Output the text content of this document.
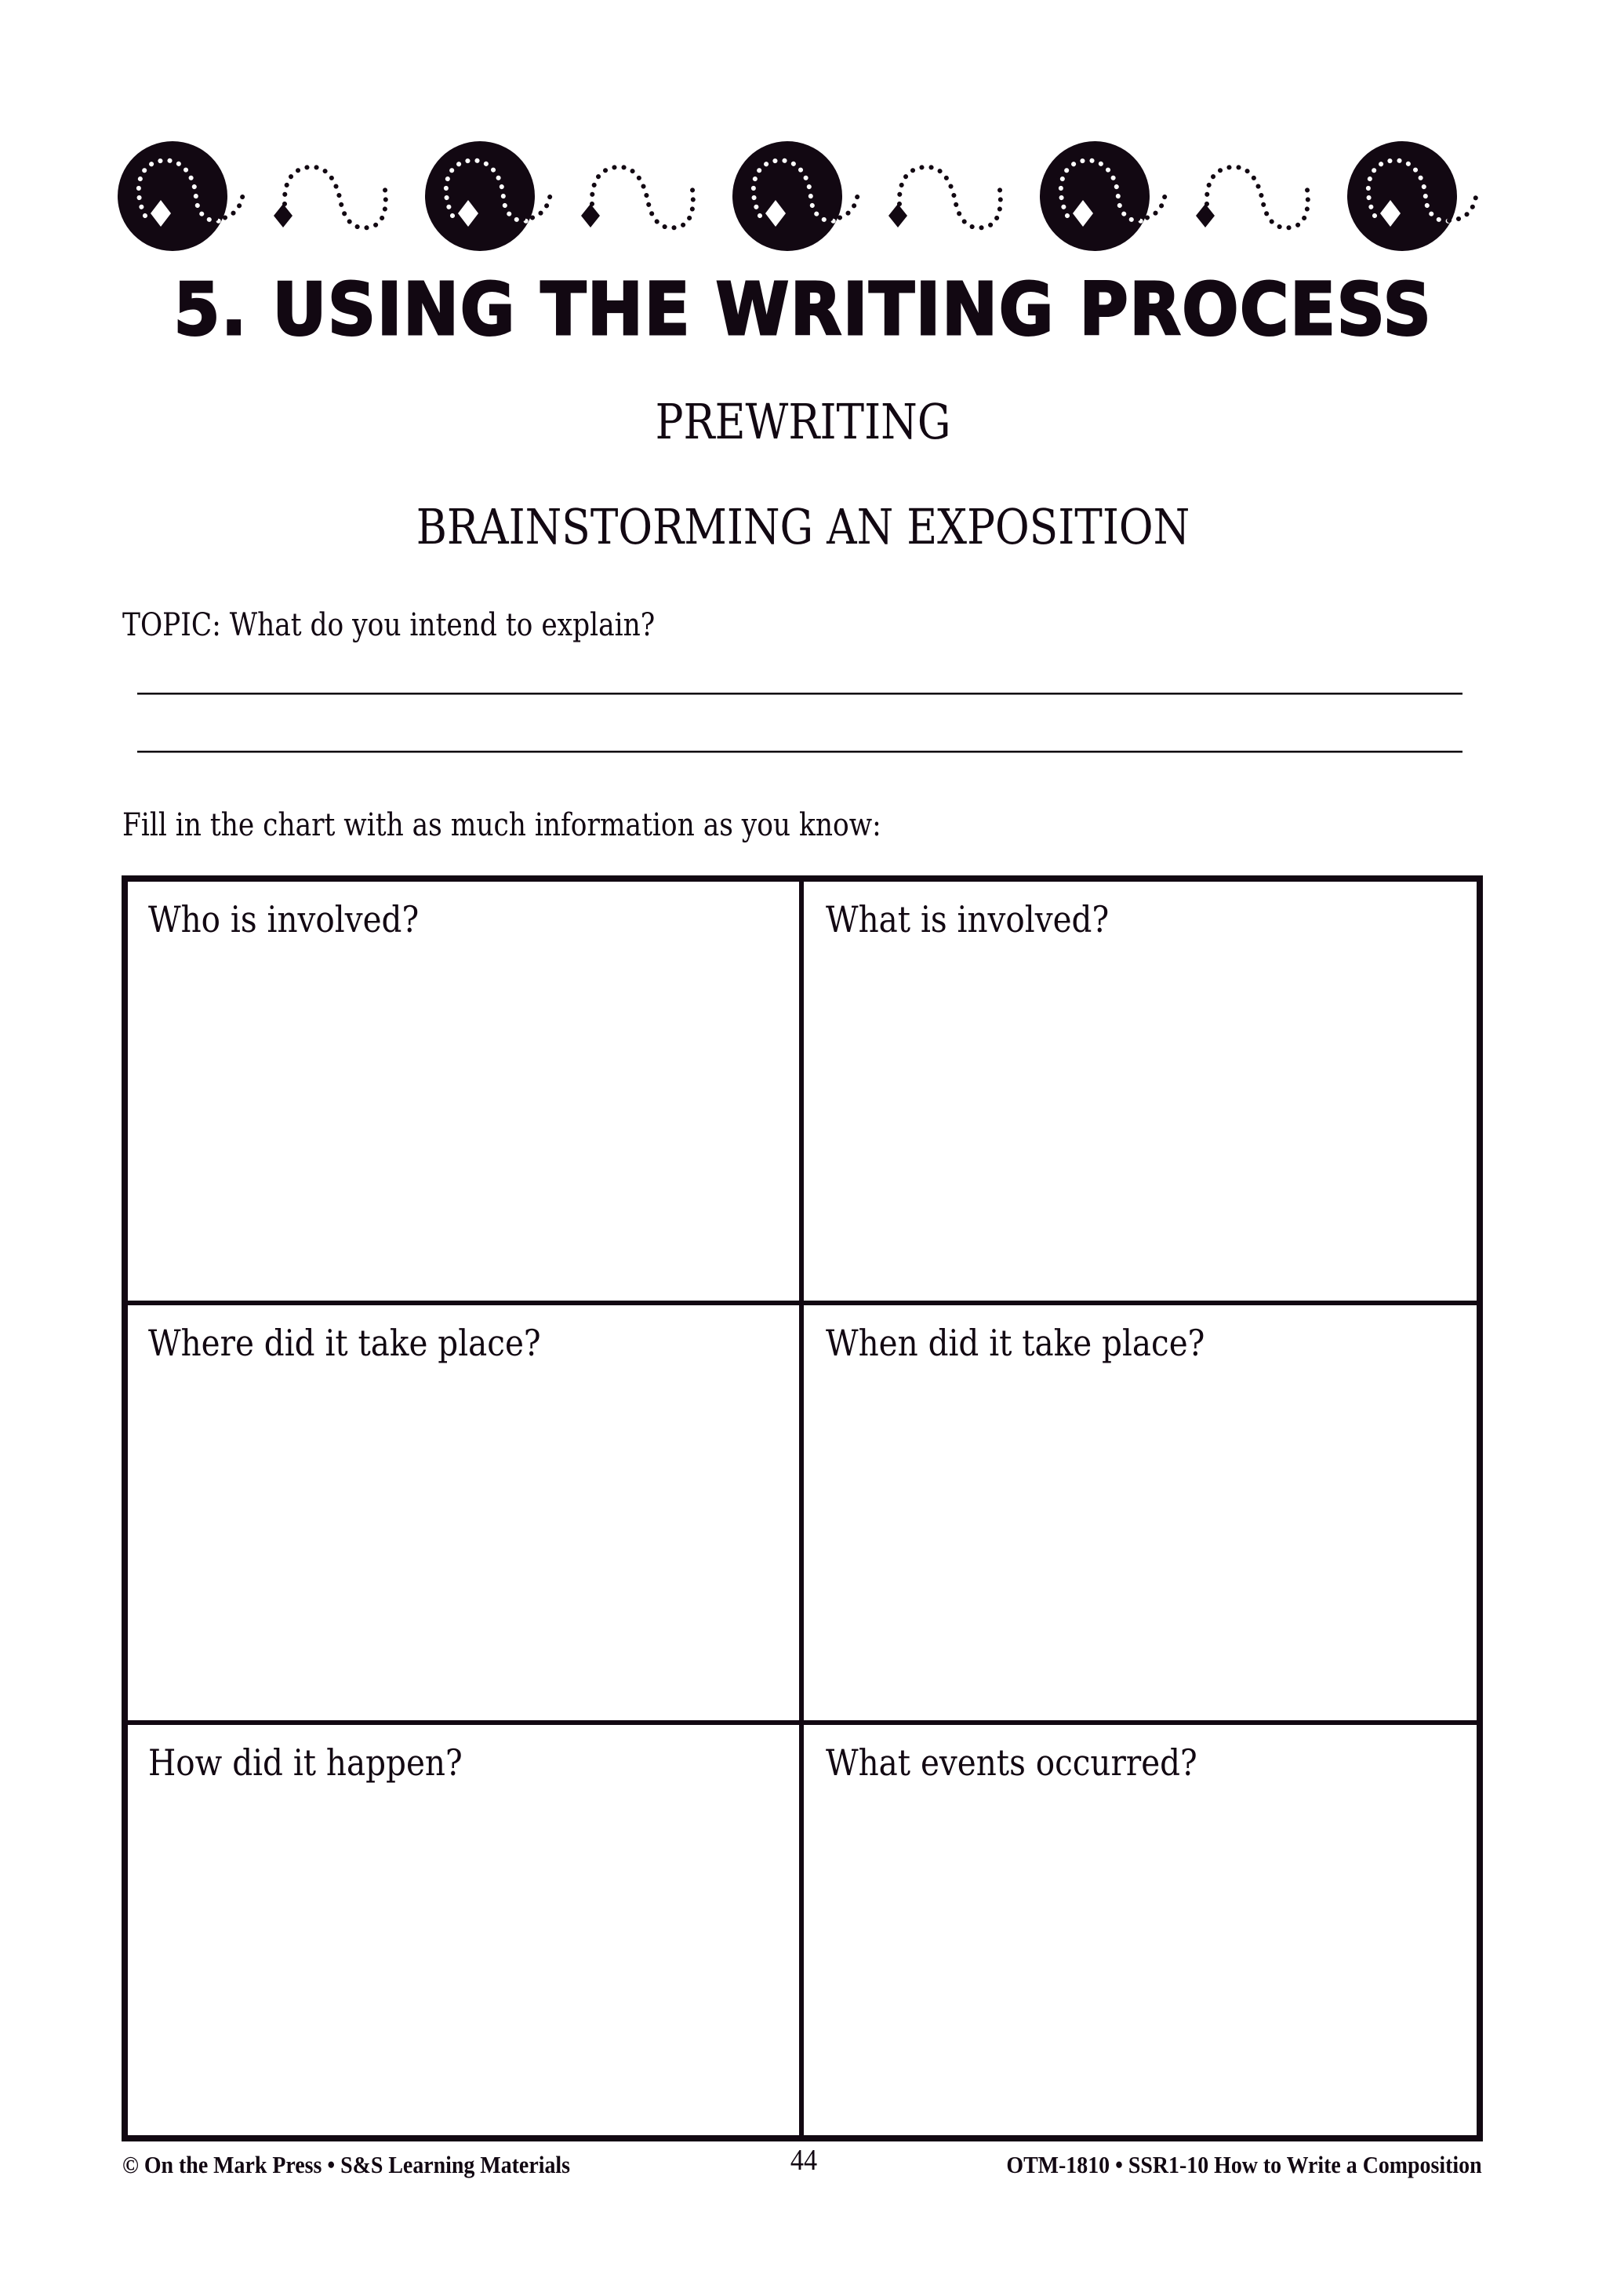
5. USING THE WRITING PROCESS
PREWRITING
BRAINSTORMING AN EXPOSITION
TOPIC: What do you intend to explain?
Fill in the chart with as much information as you know:
Who is involved?	What is involved?
Where did it take place?	When did it take place?
How did it happen?	What events occurred?
© On the Mark Press • S&S Learning Materials	44	OTM-1810 • SSR1-10 How to Write a Composition
